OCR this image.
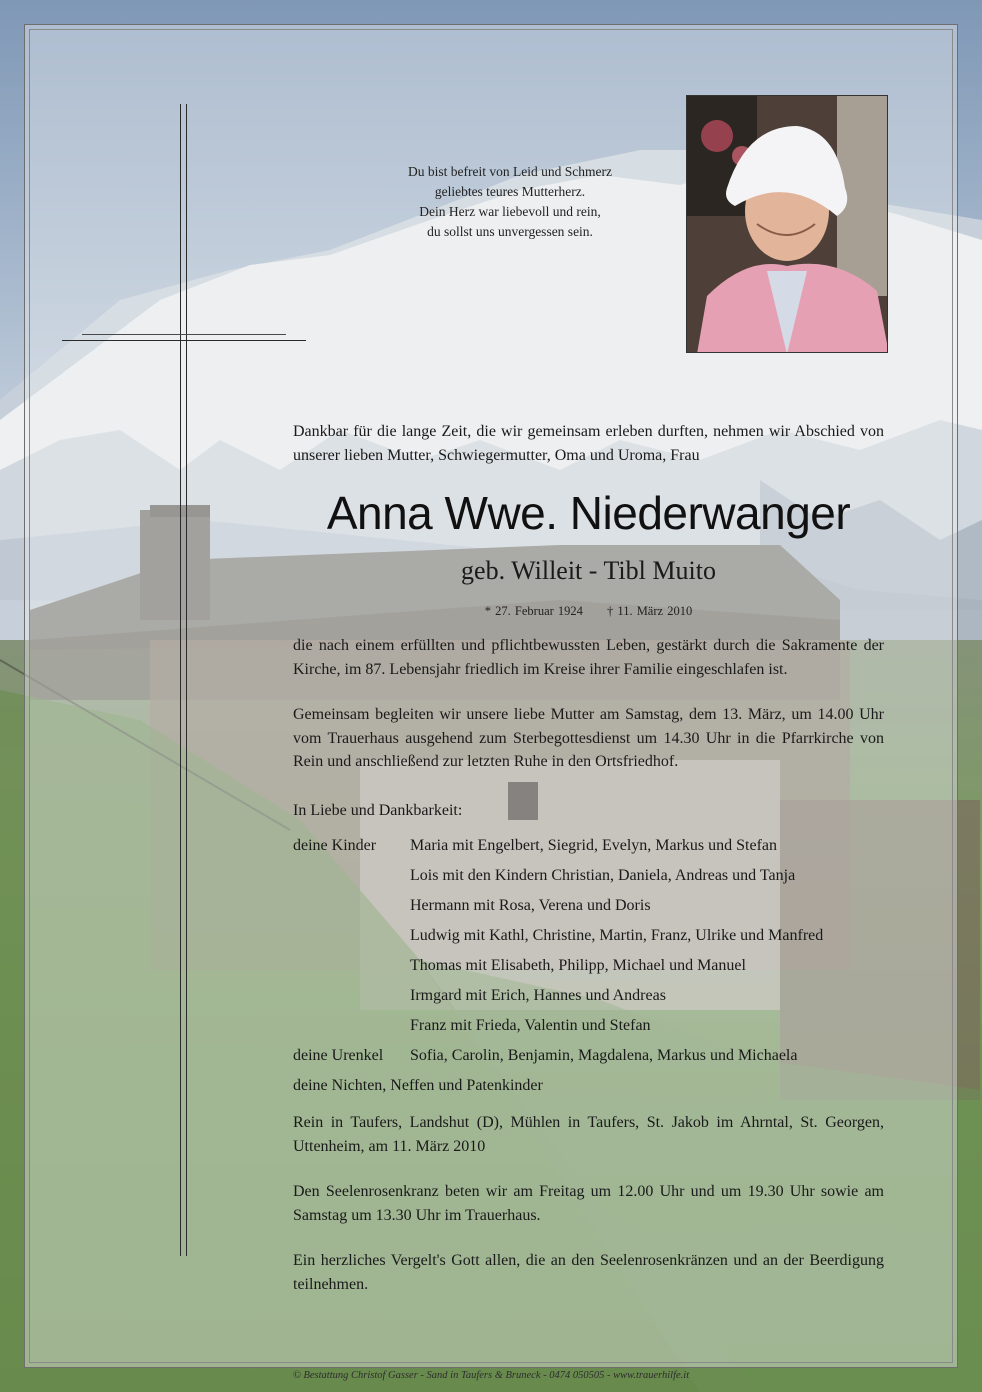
Du bist befreit von Leid und Schmerz
geliebtes teures Mutterherz.
Dein Herz war liebevoll und rein,
du sollst uns unvergessen sein.
Dankbar für die lange Zeit, die wir gemeinsam erleben durften, nehmen wir Abschied von unserer lieben Mutter, Schwiegermutter, Oma und Uroma, Frau
Anna Wwe. Niederwanger
geb. Willeit - Tibl Muito
* 27. Februar 1924 † 11. März 2010
die nach einem erfüllten und pflichtbewussten Leben, gestärkt durch die Sakramente der Kirche, im 87. Lebensjahr friedlich im Kreise ihrer Familie eingeschlafen ist.
Gemeinsam begleiten wir unsere liebe Mutter am Samstag, dem 13. März, um 14.00 Uhr vom Trauerhaus ausgehend zum Sterbegottesdienst um 14.30 Uhr in die Pfarrkirche von Rein und anschließend zur letzten Ruhe in den Ortsfriedhof.
In Liebe und Dankbarkeit:
deine Kinder	Maria mit Engelbert, Siegrid, Evelyn, Markus und Stefan
Lois mit den Kindern Christian, Daniela, Andreas und Tanja
Hermann mit Rosa, Verena und Doris
Ludwig mit Kathl, Christine, Martin, Franz, Ulrike und Manfred
Thomas mit Elisabeth, Philipp, Michael und Manuel
Irmgard mit Erich, Hannes und Andreas
Franz mit Frieda, Valentin und Stefan
deine Urenkel	Sofia, Carolin, Benjamin, Magdalena, Markus und Michaela
deine Nichten, Neffen und Patenkinder
Rein in Taufers, Landshut (D), Mühlen in Taufers, St. Jakob im Ahrntal, St. Georgen, Uttenheim, am 11. März 2010
Den Seelenrosenkranz beten wir am Freitag um 12.00 Uhr und um 19.30 Uhr sowie am Samstag um 13.30 Uhr im Trauerhaus.
Ein herzliches Vergelt's Gott allen, die an den Seelenrosenkränzen und an der Beerdigung teilnehmen.
© Bestattung Christof Gasser - Sand in Taufers & Bruneck - 0474 050505 - www.trauerhilfe.it
